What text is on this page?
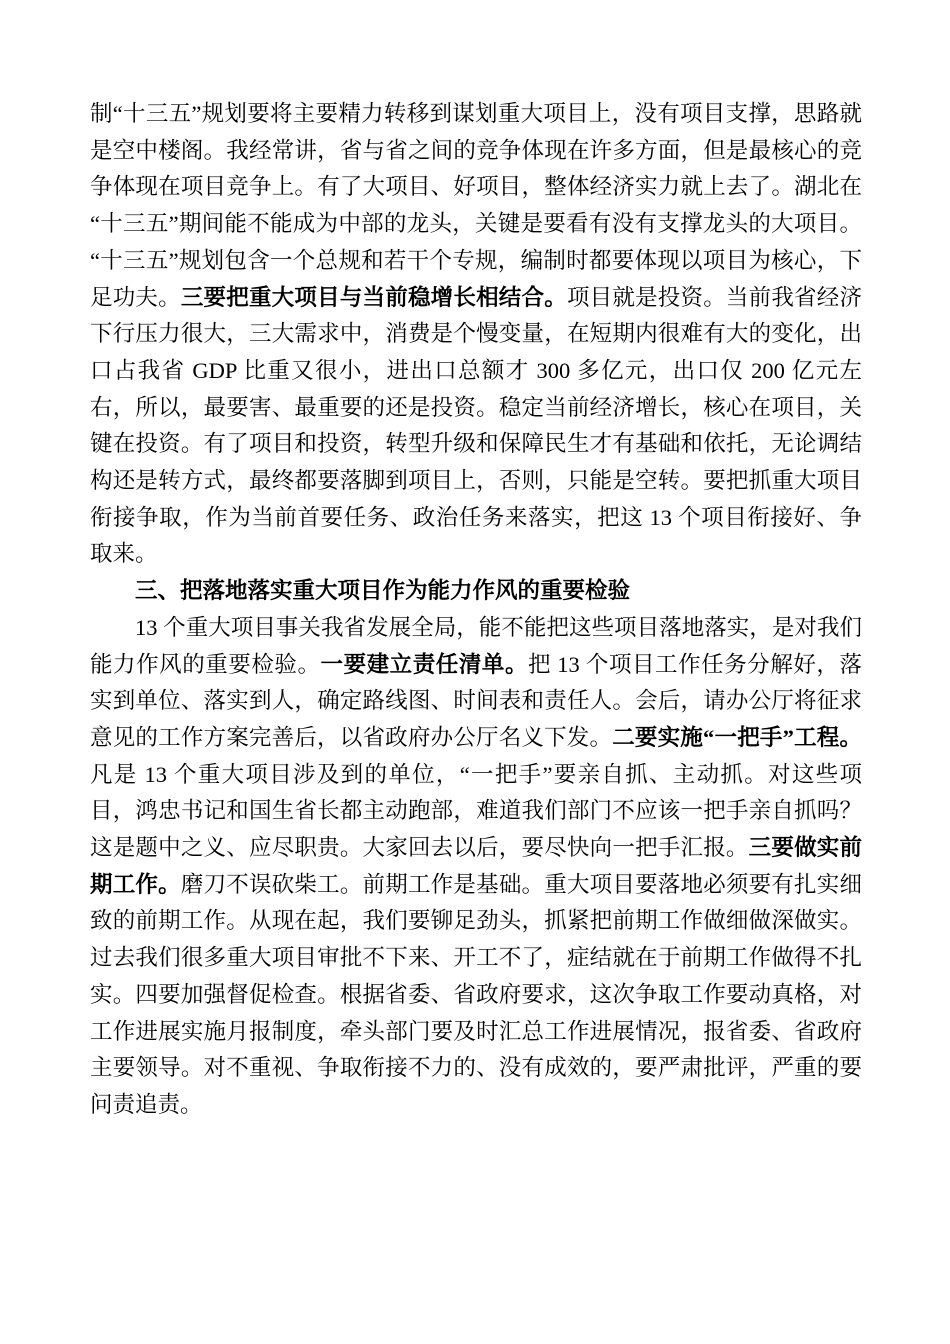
制“十三五”规划要将主要精力转移到谋划重大项目上，没有项目支撑，思路就是空中楼阁。我经常讲，省与省之间的竞争体现在许多方面，但是最核心的竞争体现在项目竞争上。有了大项目、好项目，整体经济实力就上去了。湖北在“十三五”期间能不能成为中部的龙头，关键是要看有没有支撑龙头的大项目。“十三五”规划包含一个总规和若干个专规，编制时都要体现以项目为核心，下足功夫。三要把重大项目与当前稳增长相结合。项目就是投资。当前我省经济下行压力很大，三大需求中，消费是个慢变量，在短期内很难有大的变化，出口占我省 GDP 比重又很小，进出口总额才 300 多亿元，出口仅 200 亿元左右，所以，最要害、最重要的还是投资。稳定当前经济增长，核心在项目，关键在投资。有了项目和投资，转型升级和保障民生才有基础和依托，无论调结构还是转方式，最终都要落脚到项目上，否则，只能是空转。要把抓重大项目衔接争取，作为当前首要任务、政治任务来落实，把这 13 个项目衔接好、争取来。

三、把落地落实重大项目作为能力作风的重要检验

13 个重大项目事关我省发展全局，能不能把这些项目落地落实，是对我们能力作风的重要检验。一要建立责任清单。把 13 个项目工作任务分解好，落实到单位、落实到人，确定路线图、时间表和责任人。会后，请办公厅将征求意见的工作方案完善后，以省政府办公厅名义下发。二要实施“一把手”工程。凡是 13 个重大项目涉及到的单位，“一把手”要亲自抓、主动抓。对这些项目，鸿忠书记和国生省长都主动跑部，难道我们部门不应该一把手亲自抓吗？这是题中之义、应尽职贵。大家回去以后，要尽快向一把手汇报。三要做实前期工作。磨刀不误砍柴工。前期工作是基础。重大项目要落地必须要有扎实细致的前期工作。从现在起，我们要铆足劲头，抓紧把前期工作做细做深做实。过去我们很多重大项目审批不下来、开工不了，症结就在于前期工作做得不扎实。四要加强督促检查。根据省委、省政府要求，这次争取工作要动真格，对工作进展实施月报制度，牵头部门要及时汇总工作进展情况，报省委、省政府主要领导。对不重视、争取衔接不力的、没有成效的，要严肃批评，严重的要问责追责。
